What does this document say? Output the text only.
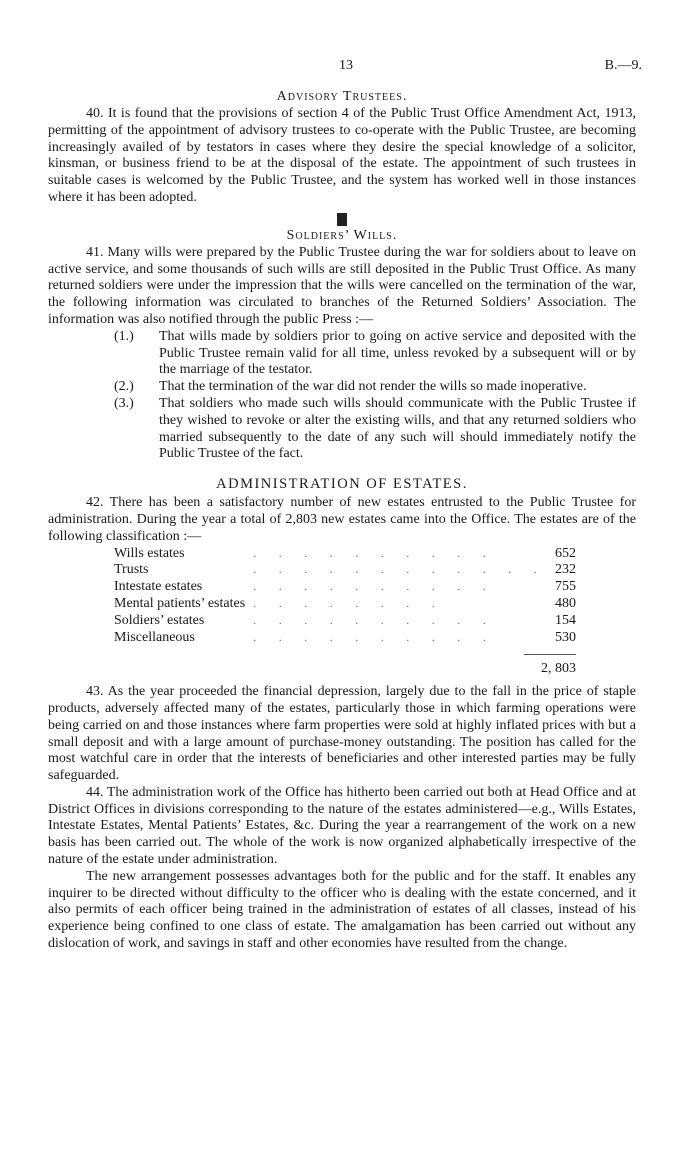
13	B.—9.
Advisory Trustees.

40. It is found that the provisions of section 4 of the Public Trust Office Amendment Act, 1913, permitting of the appointment of advisory trustees to co-operate with the Public Trustee, are becoming increasingly availed of by testators in cases where they desire the special knowledge of a solicitor, kinsman, or business friend to be at the disposal of the estate. The appointment of such trustees in suitable cases is welcomed by the Public Trustee, and the system has worked well in those instances where it has been adopted.

Soldiers’ Wills.

41. Many wills were prepared by the Public Trustee during the war for soldiers about to leave on active service, and some thousands of such wills are still deposited in the Public Trust Office. As many returned soldiers were under the impression that the wills were cancelled on the termination of the war, the following information was circulated to branches of the Returned Soldiers’ Association. The information was also notified through the public Press :—

(1.) That wills made by soldiers prior to going on active service and deposited with the Public Trustee remain valid for all time, unless revoked by a subsequent will or by the marriage of the testator.
(2.) That the termination of the war did not render the wills so made inoperative.
(3.) That soldiers who made such wills should communicate with the Public Trustee if they wished to revoke or alter the existing wills, and that any returned soldiers who married subsequently to the date of any such will should immediately notify the Public Trustee of the fact.
ADMINISTRATION OF ESTATES.

42. There has been a satisfactory number of new estates entrusted to the Public Trustee for administration. During the year a total of 2,803 new estates came into the Office. The estates are of the following classification :—

Wills estates	. . . . . . . . . .	652
Trusts	. . . . . . . . . . . .	232
Intestate estates	. . . . . . . . . .	755
Mental patients’ estates	. . . . . . . .	480
Soldiers’ estates	. . . . . . . . . .	154
Miscellaneous	. . . . . . . . . .	530
2, 803

43. As the year proceeded the financial depression, largely due to the fall in the price of staple products, adversely affected many of the estates, particularly those in which farming operations were being carried on and those instances where farm properties were sold at highly inflated prices with but a small deposit and with a large amount of purchase-money outstanding. The position has called for the most watchful care in order that the interests of beneficiaries and other interested parties may be fully safeguarded.

44. The administration work of the Office has hitherto been carried out both at Head Office and at District Offices in divisions corresponding to the nature of the estates administered—e.g., Wills Estates, Intestate Estates, Mental Patients’ Estates, &c. During the year a rearrangement of the work on a new basis has been carried out. The whole of the work is now organized alphabetically irrespective of the nature of the estate under administration.

The new arrangement possesses advantages both for the public and for the staff. It enables any inquirer to be directed without difficulty to the officer who is dealing with the estate concerned, and it also permits of each officer being trained in the administration of estates of all classes, instead of his experience being confined to one class of estate. The amalgamation has been carried out without any dislocation of work, and savings in staff and other economies have resulted from the change.
